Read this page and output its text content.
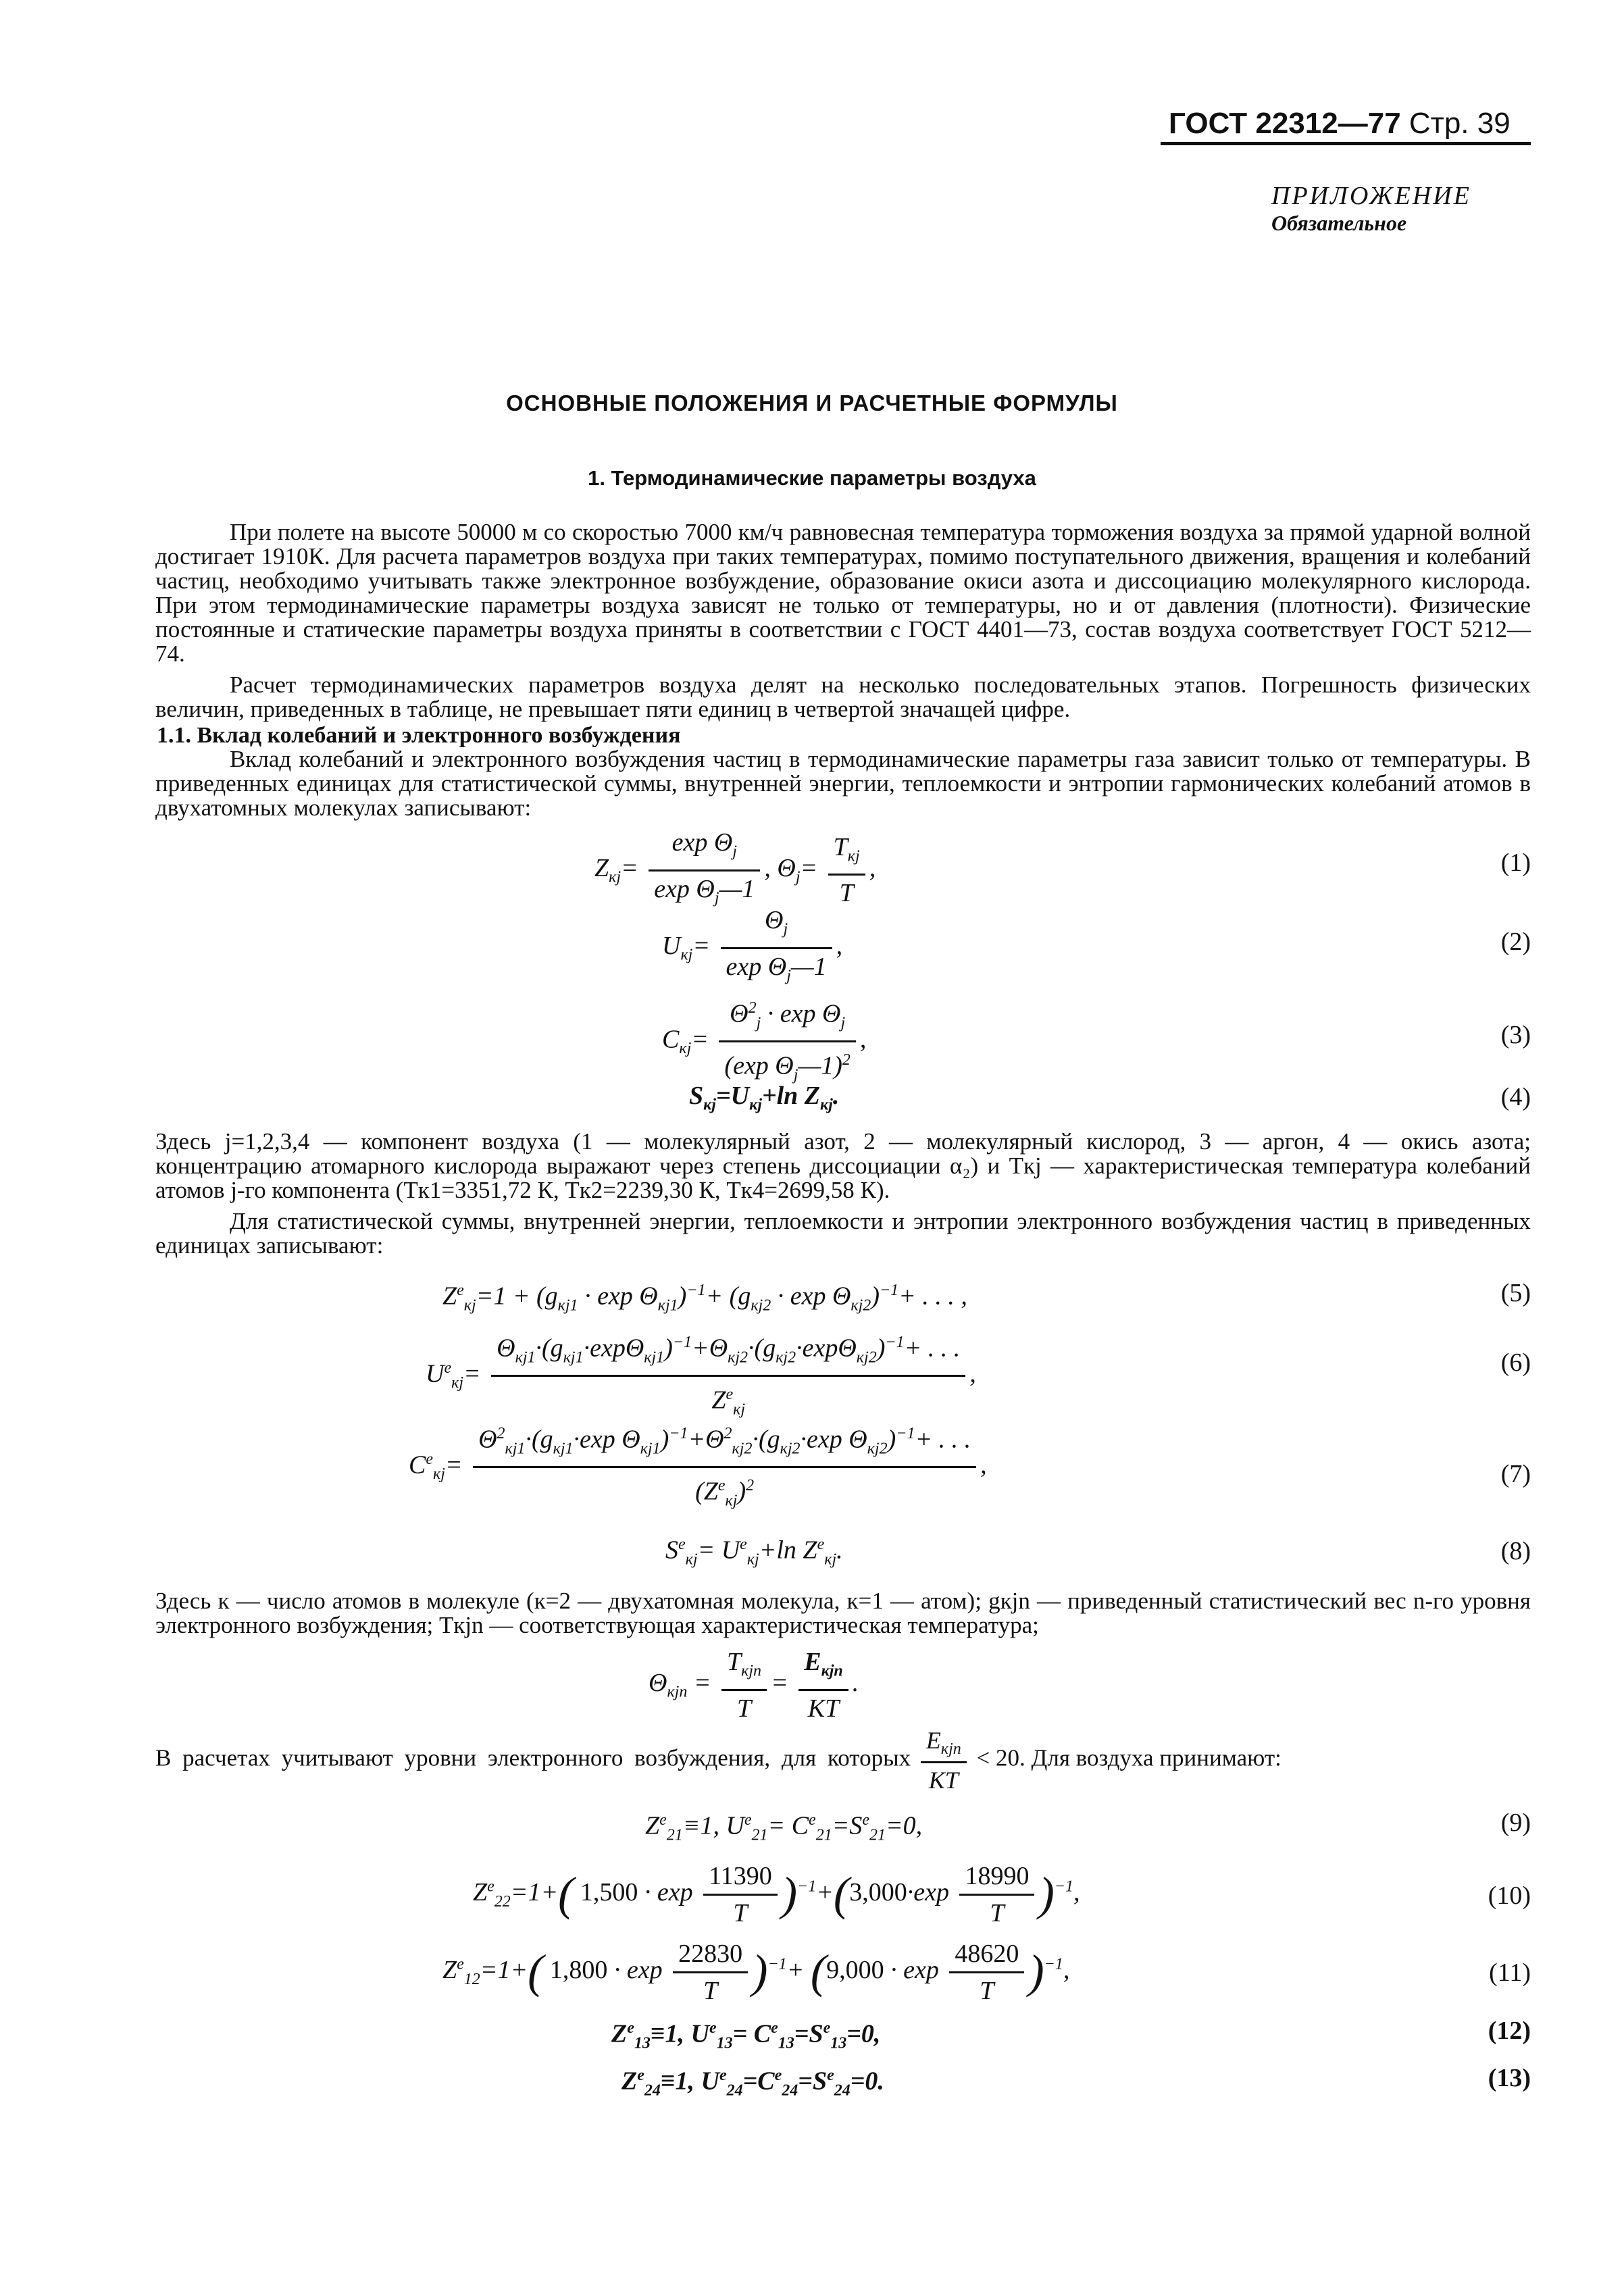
ГОСТ 22312—77 Стр. 39
ПРИЛОЖЕНИЕ
Обязательное
ОСНОВНЫЕ ПОЛОЖЕНИЯ И РАСЧЕТНЫЕ ФОРМУЛЫ
1. Термодинамические параметры воздуха
При полете на высоте 50000 м со скоростью 7000 км/ч равновесная температура торможения воздуха за прямой ударной волной достигает 1910К. Для расчета параметров воздуха при таких температурах, помимо поступательного движения, вращения и колебаний частиц, необходимо учитывать также электронное возбуждение, образование окиси азота и диссоциацию молекулярного кислорода. При этом термодинамические параметры воздуха зависят не только от температуры, но и от давления (плотности). Физические постоянные и статические параметры воздуха приняты в соответствии с ГОСТ 4401—73, состав воздуха соответствует ГОСТ 5212—74.
Расчет термодинамических параметров воздуха делят на несколько последовательных этапов. Погрешность физических величин, приведенных в таблице, не превышает пяти единиц в четвертой значащей цифре.
1.1. Вклад колебаний и электронного возбуждения
Вклад колебаний и электронного возбуждения частиц в термодинамические параметры газа зависит только от температуры. В приведенных единицах для статистической суммы, внутренней энергии, теплоемкости и энтропии гармонических колебаний атомов в двухатомных молекулах записывают:
$Z_{кj}= \frac{\exp \Theta_j}{\exp \Theta_j—1}$ , $\Theta_j= \frac{T_{кj}}{T}$ ,	(1)
$U_{кj}= \frac{\Theta_j}{\exp \Theta_j—1}$ ,	(2)
$C_{кj}= \frac{\Theta^2_j \cdot \exp \Theta_j}{(\exp \Theta_j—1)^2}$ ,	(3)
$S_{кj}=U_{кj}+\ln$ $Z_{кj}$.	(4)
Здесь j=1,2,3,4 — компонент воздуха (1 — молекулярный азот, 2 — молекулярный кислород, 3 — аргон, 4 — окись азота; концентрацию атомарного кислорода выражают через степень диссоциации α₂) и Tкj — характеристическая температура колебаний атомов j-го компонента (Tк1=3351,72 К, Tк2=2239,30 К, Tк4=2699,58 К).
Для статистической суммы, внутренней энергии, теплоемкости и энтропии электронного возбуждения частиц в приведенных единицах записывают:
$Z^e_{кj}=1 + (g_{кj1} \cdot \exp \Theta_{кj1})^{-1}+ (g_{кj2} \cdot \exp \Theta_{кj2})^{-1}+$ . . . ,	(5)
$U^e_{кj}= \frac{\Theta_{кj1}\cdot(g_{кj1}\cdot\exp\Theta_{кj1})^{-1}+\Theta_{кj2}\cdot(g_{кj2}\cdot\exp\Theta_{кj2})^{-1}+ . . .}{Z^e_{кj}}$ ,	(6)
$C^e_{кj}= \frac{\Theta^2_{кj1}\cdot(g_{кj1}\cdot\exp \Theta_{кj1})^{-1}+\Theta^2_{кj2}\cdot(g_{кj2}\cdot\exp \Theta_{кj2})^{-1}+ . . .}{(Z^e_{кj})^2}$ ,	(7)
$S^e_{кj}= U^e_{кj}+\ln$ $Z^e_{кj}$.	(8)
Здесь к — число атомов в молекуле (к=2 — двухатомная молекула, к=1 — атом); gкjn — приведенный статистический вес n-го уровня электронного возбуждения; Tкjn — соответствующая характеристическая температура;
$\Theta_{кjn} = \frac{T_{кjn}}{T} = \frac{E_{кjn}}{KT}$ .
В расчетах учитывают уровни электронного возбуждения, для которых $\frac{E_{кjn}}{KT} < 20$. Для воздуха принимают:
$Z^e_{21}\equiv 1$, $U^e_{21}= C^e_{21}=S^e_{21}=0$,	(9)
$Z^e_{22}=1+$( $1,500 \cdot \exp \frac{11390}{T} )^{-1}+(3,000\cdot\exp \frac{18990}{T} )^{-1}$,	(10)
$Z^e_{12}=1+$( $1,800 \cdot \exp \frac{22830}{T} )^{-1}+ (9,000 \cdot \exp \frac{48620}{T} )^{-1}$,	(11)
$Z^e_{13}\equiv 1$, $U^e_{13}= C^e_{13}=S^e_{13}=0$,	(12)
$Z^e_{24}\equiv 1$, $U^e_{24}=C^e_{24}=S^e_{24}=0$.	(13)
